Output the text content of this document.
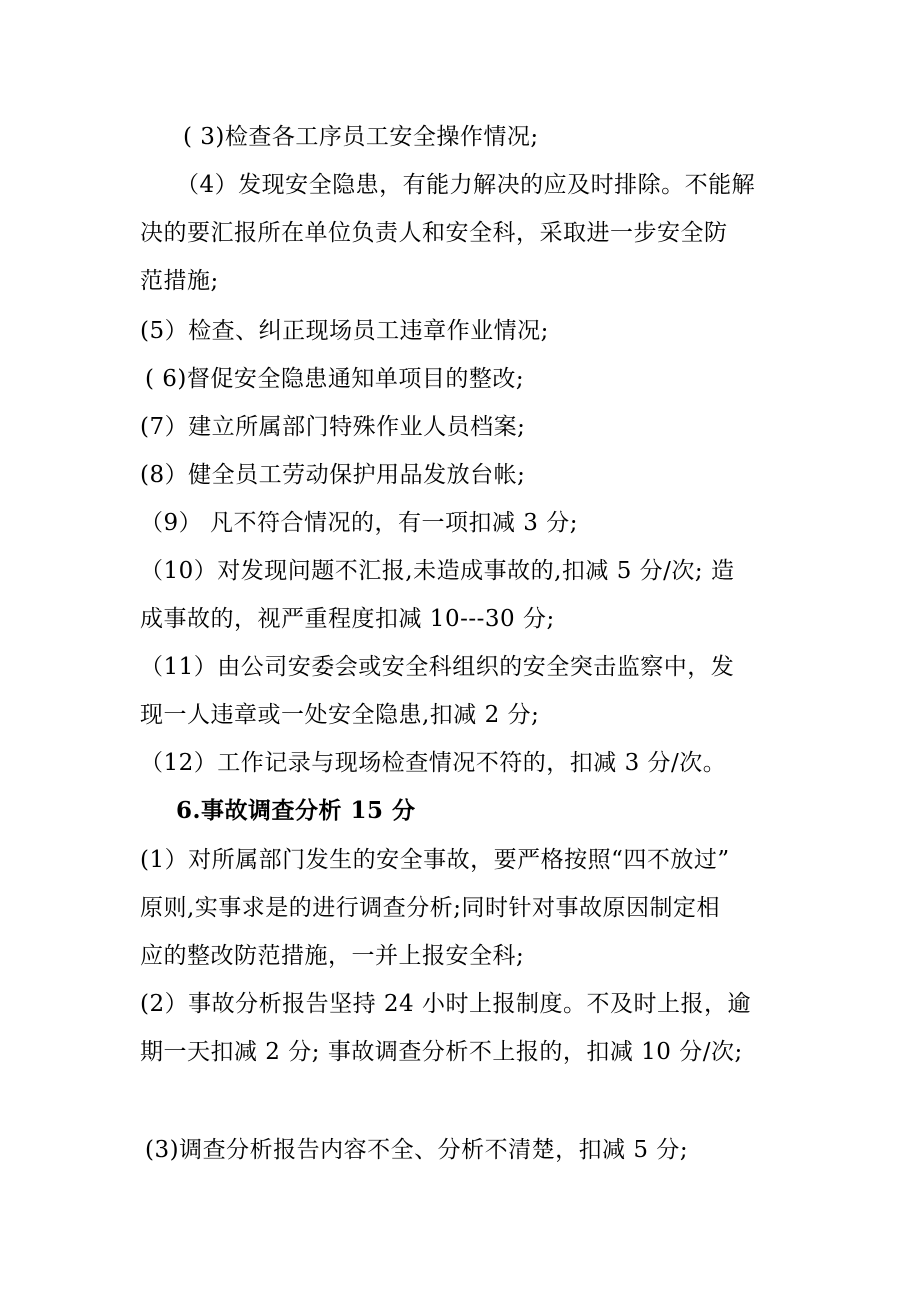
( 3)检查各工序员工安全操作情况;
（4）发现安全隐患，有能力解决的应及时排除。不能解
决的要汇报所在单位负责人和安全科，采取进一步安全防
范措施;
(5）检查、纠正现场员工违章作业情况;
( 6)督促安全隐患通知单项目的整改;
(7）建立所属部门特殊作业人员档案;
(8）健全员工劳动保护用品发放台帐;
（9） 凡不符合情况的，有一项扣减 3 分;
（10）对发现问题不汇报,未造成事故的,扣减 5 分/次; 造
成事故的，视严重程度扣减 10---30 分;
（11）由公司安委会或安全科组织的安全突击监察中，发
现一人违章或一处安全隐患,扣减 2 分;
（12）工作记录与现场检查情况不符的，扣减 3 分/次。
6.事故调查分析 15 分
(1）对所属部门发生的安全事故，要严格按照“四不放过”
原则,实事求是的进行调查分析;同时针对事故原因制定相
应的整改防范措施，一并上报安全科;
(2）事故分析报告坚持 24 小时上报制度。不及时上报，逾
期一天扣减 2 分; 事故调查分析不上报的，扣减 10 分/次;
(3)调查分析报告内容不全、分析不清楚，扣减 5 分;
